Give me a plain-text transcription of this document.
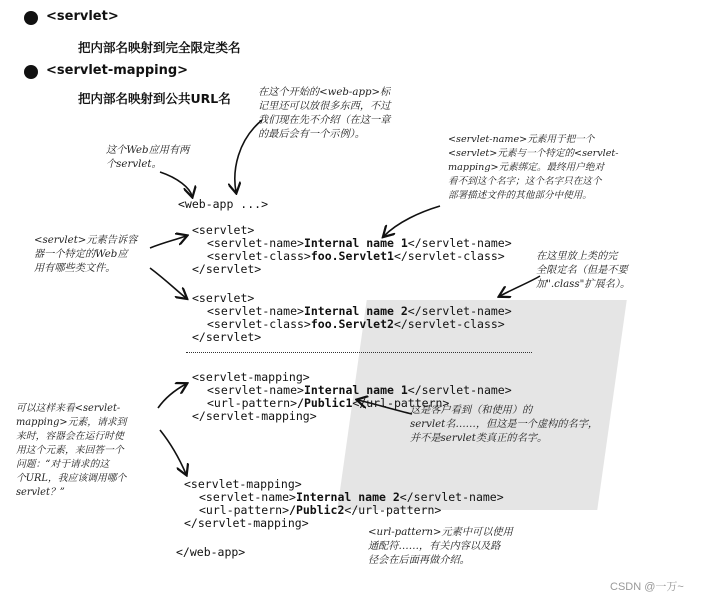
<servlet>
把内部名映射到完全限定类名
<servlet-mapping>
把内部名映射到公共URL名
<web-app ...>
<servlet>
<servlet-name>Internal name 1</servlet-name>
<servlet-class>foo.Servlet1</servlet-class>
</servlet>
<servlet>
<servlet-name>Internal name 2</servlet-name>
<servlet-class>foo.Servlet2</servlet-class>
</servlet>
<servlet-mapping>
<servlet-name>Internal name 1</servlet-name>
<url-pattern>/Public1</url-pattern>
</servlet-mapping>
<servlet-mapping>
<servlet-name>Internal name 2</servlet-name>
<url-pattern>/Public2</url-pattern>
</servlet-mapping>
</web-app>
这个Web应用有两
个servlet。
在这个开始的<web-app>标
记里还可以放很多东西，不过
我们现在先不介绍（在这一章
的最后会有一个示例）。	<servlet-name>元素用于把一个
<servlet>元素与一个特定的<servlet-
mapping>元素绑定。最终用户绝对
看不到这个名字；这个名字只在这个
部署描述文件的其他部分中使用。
<servlet>元素告诉容
器一个特定的Web应
用有哪些类文件。
在这里放上类的完
全限定名（但是不要
加".class"扩展名）。
可以这样来看<servlet-
mapping>元素，请求到
来时，容器会在运行时使
用这个元素，来回答一个
问题：“对于请求的这
个URL，我应该调用哪个
servlet？”
这是客户看到（和使用）的
servlet名……，但这是一个虚构的名字，
并不是servlet类真正的名字。
<url-pattern>元素中可以使用
通配符……，有关内容以及路
径会在后面再做介绍。
CSDN @一万~
